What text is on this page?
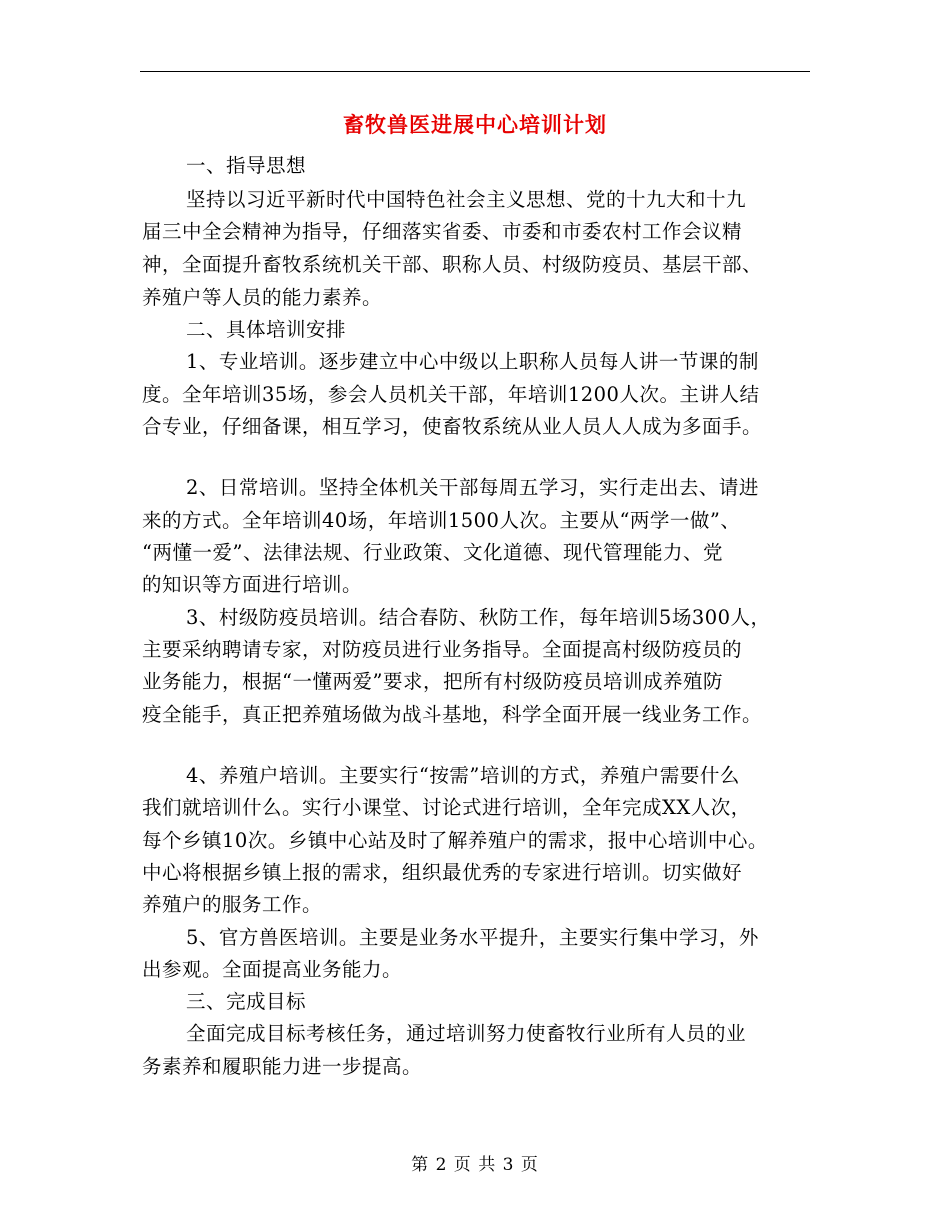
畜牧兽医进展中心培训计划
一、指导思想
坚持以习近平新时代中国特色社会主义思想、党的十九大和十九
届三中全会精神为指导，仔细落实省委、市委和市委农村工作会议精
神，全面提升畜牧系统机关干部、职称人员、村级防疫员、基层干部、
养殖户等人员的能力素养。
二、具体培训安排
1、专业培训。逐步建立中心中级以上职称人员每人讲一节课的制
度。全年培训35场，参会人员机关干部，年培训1200人次。主讲人结
合专业，仔细备课，相互学习，使畜牧系统从业人员人人成为多面手。
2、日常培训。坚持全体机关干部每周五学习，实行走出去、请进
来的方式。全年培训40场，年培训1500人次。主要从“两学一做”、
“两懂一爱”、法律法规、行业政策、文化道德、现代管理能力、党
的知识等方面进行培训。
3、村级防疫员培训。结合春防、秋防工作，每年培训5场300人，
主要采纳聘请专家，对防疫员进行业务指导。全面提高村级防疫员的
业务能力，根据“一懂两爱”要求，把所有村级防疫员培训成养殖防
疫全能手，真正把养殖场做为战斗基地，科学全面开展一线业务工作。
4、养殖户培训。主要实行“按需”培训的方式，养殖户需要什么
我们就培训什么。实行小课堂、讨论式进行培训，全年完成XX人次，
每个乡镇10次。乡镇中心站及时了解养殖户的需求，报中心培训中心。
中心将根据乡镇上报的需求，组织最优秀的专家进行培训。切实做好
养殖户的服务工作。
5、官方兽医培训。主要是业务水平提升，主要实行集中学习，外
出参观。全面提高业务能力。
三、完成目标
全面完成目标考核任务，通过培训努力使畜牧行业所有人员的业
务素养和履职能力进一步提高。
第 2 页 共 3 页
